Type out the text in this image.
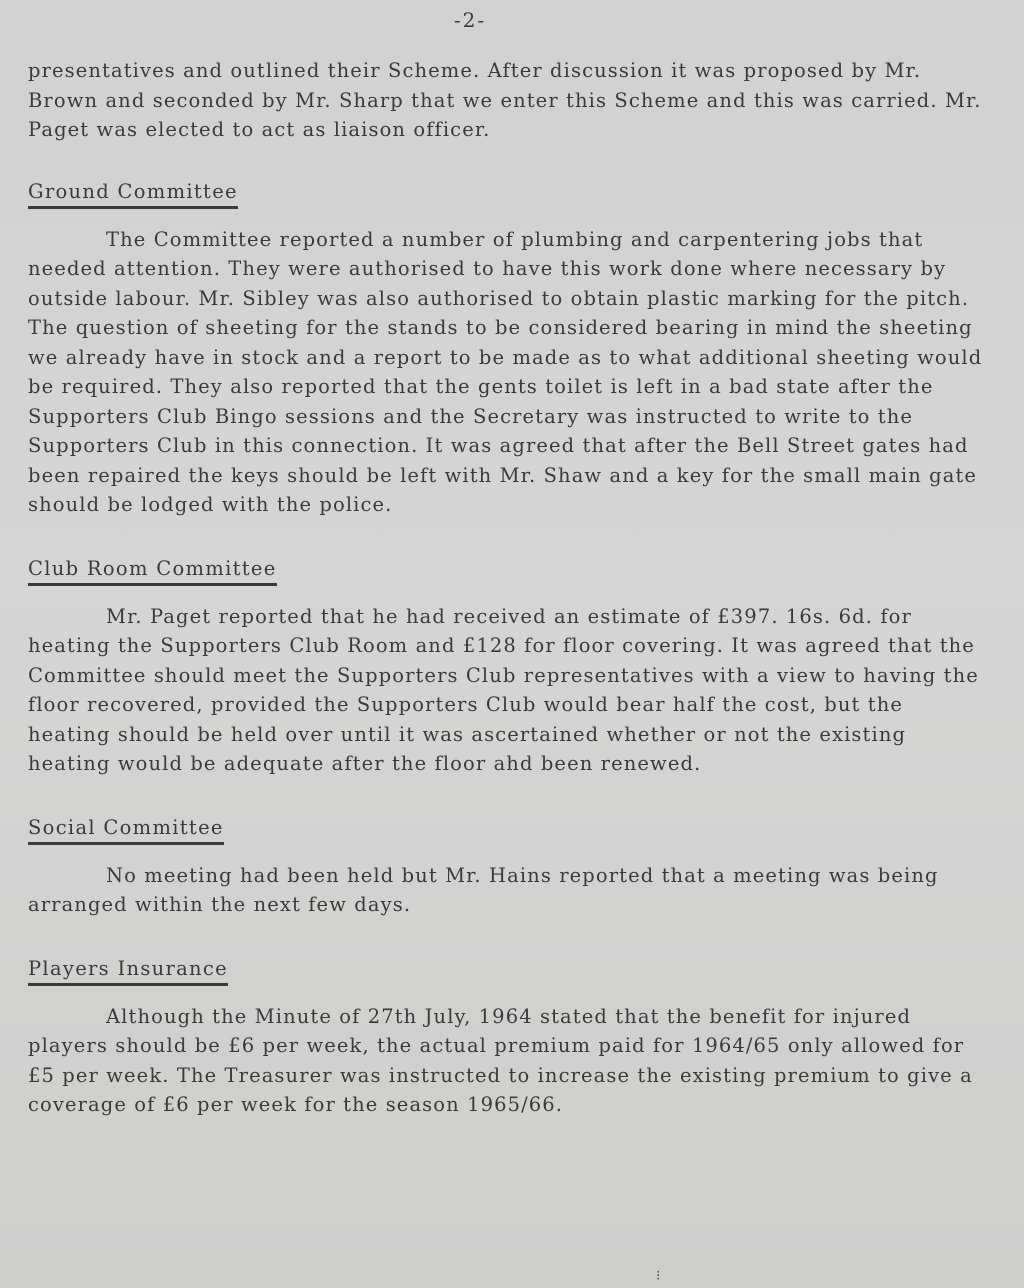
-2-

presentatives and outlined their Scheme. After discussion it was proposed by Mr. Brown and seconded by Mr. Sharp that we enter this Scheme and this was carried. Mr. Paget was elected to act as liaison officer.

Ground Committee

The Committee reported a number of plumbing and carpentering jobs that needed attention. They were authorised to have this work done where necessary by outside labour. Mr. Sibley was also authorised to obtain plastic marking for the pitch. The question of sheeting for the stands to be considered bearing in mind the sheeting we already have in stock and a report to be made as to what additional sheeting would be required. They also reported that the gents toilet is left in a bad state after the Supporters Club Bingo sessions and the Secretary was instructed to write to the Supporters Club in this connection. It was agreed that after the Bell Street gates had been repaired the keys should be left with Mr. Shaw and a key for the small main gate should be lodged with the police.

Club Room Committee

Mr. Paget reported that he had received an estimate of £397. 16s. 6d. for heating the Supporters Club Room and £128 for floor covering. It was agreed that the Committee should meet the Supporters Club representatives with a view to having the floor recovered, provided the Supporters Club would bear half the cost, but the heating should be held over until it was ascertained whether or not the existing heating would be adequate after the floor ahd been renewed.

Social Committee

No meeting had been held but Mr. Hains reported that a meeting was being arranged within the next few days.

Players Insurance

Although the Minute of 27th July, 1964 stated that the benefit for injured players should be £6 per week, the actual premium paid for 1964/65 only allowed for £5 per week. The Treasurer was instructed to increase the existing premium to give a coverage of £6 per week for the season 1965/66.

⁝
